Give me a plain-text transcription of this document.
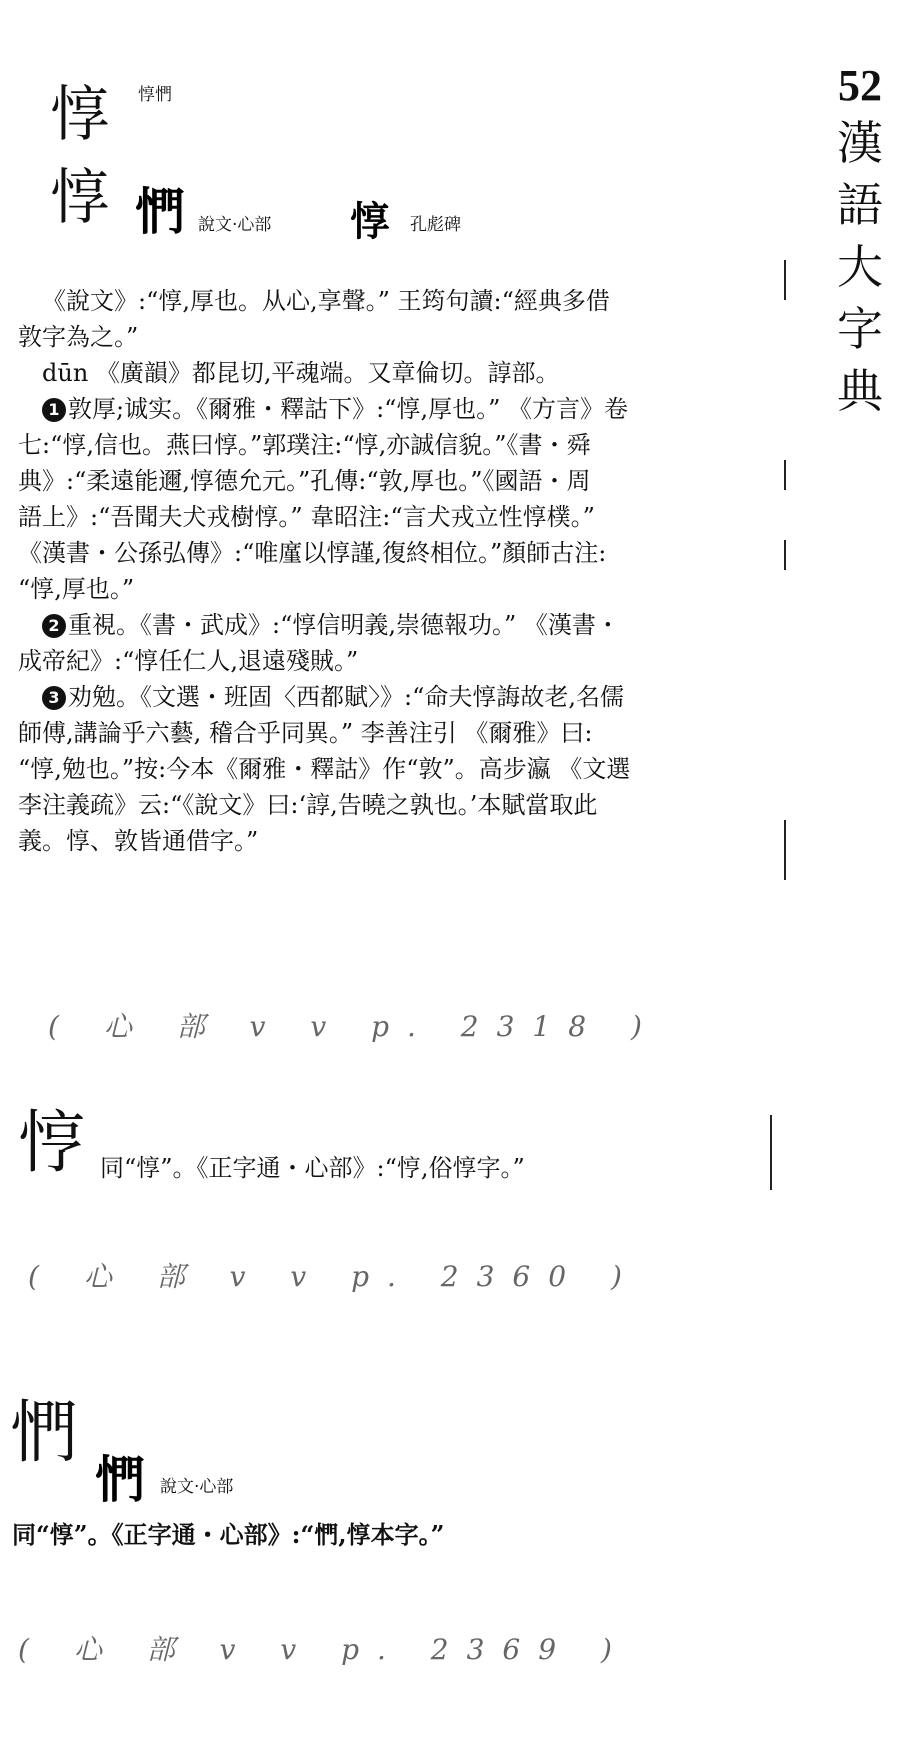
52
漢
語
大
字
典
惇 惇㥃
惇 㥃 說文·心部 惇 孔彪碑

《說文》:“惇,厚也。从心,享聲。” 王筠句讀:“經典多借

敦字為之。”

dūn 《廣韻》都昆切,平魂端。又章倫切。諄部。

1 敦厚;诚实。《爾雅・釋詁下》:“惇,厚也。” 《方言》卷

七:“惇,信也。燕曰惇。”郭璞注:“惇,亦誠信貌。”《書・舜

典》:“柔遠能邇,惇德允元。”孔傳:“敦,厚也。”《國語・周

語上》:“吾聞夫犬戎樹惇。” 韋昭注:“言犬戎立性惇樸。”

《漢書・公孫弘傳》:“唯廑以惇謹,復終相位。”顏師古注:

“惇,厚也。”

2 重視。《書・武成》:“惇信明義,崇德報功。” 《漢書・

成帝紀》:“惇任仁人,退遠殘賊。”

3 劝勉。《文選・班固〈西都賦〉》:“命夫惇誨故老,名儒

師傅,講論乎六藝, 稽合乎同異。” 李善注引 《爾雅》曰:

“惇,勉也。”按:今本《爾雅・釋詁》作“敦”。高步瀛 《文選

李注義疏》云:“《說文》曰:‘諄,告曉之孰也。’本賦當取此

義。惇、敦皆通借字。”

( 心 部 v v p. 2318 )
悙 同“惇”。《正字通・心部》:“悙,俗惇字。”
( 心 部 v v p. 2360 )
㥃
㥃 說文·心部
同“惇”。《正字通・心部》:“㥃,惇本字。”
( 心 部 v v p. 2369 )
